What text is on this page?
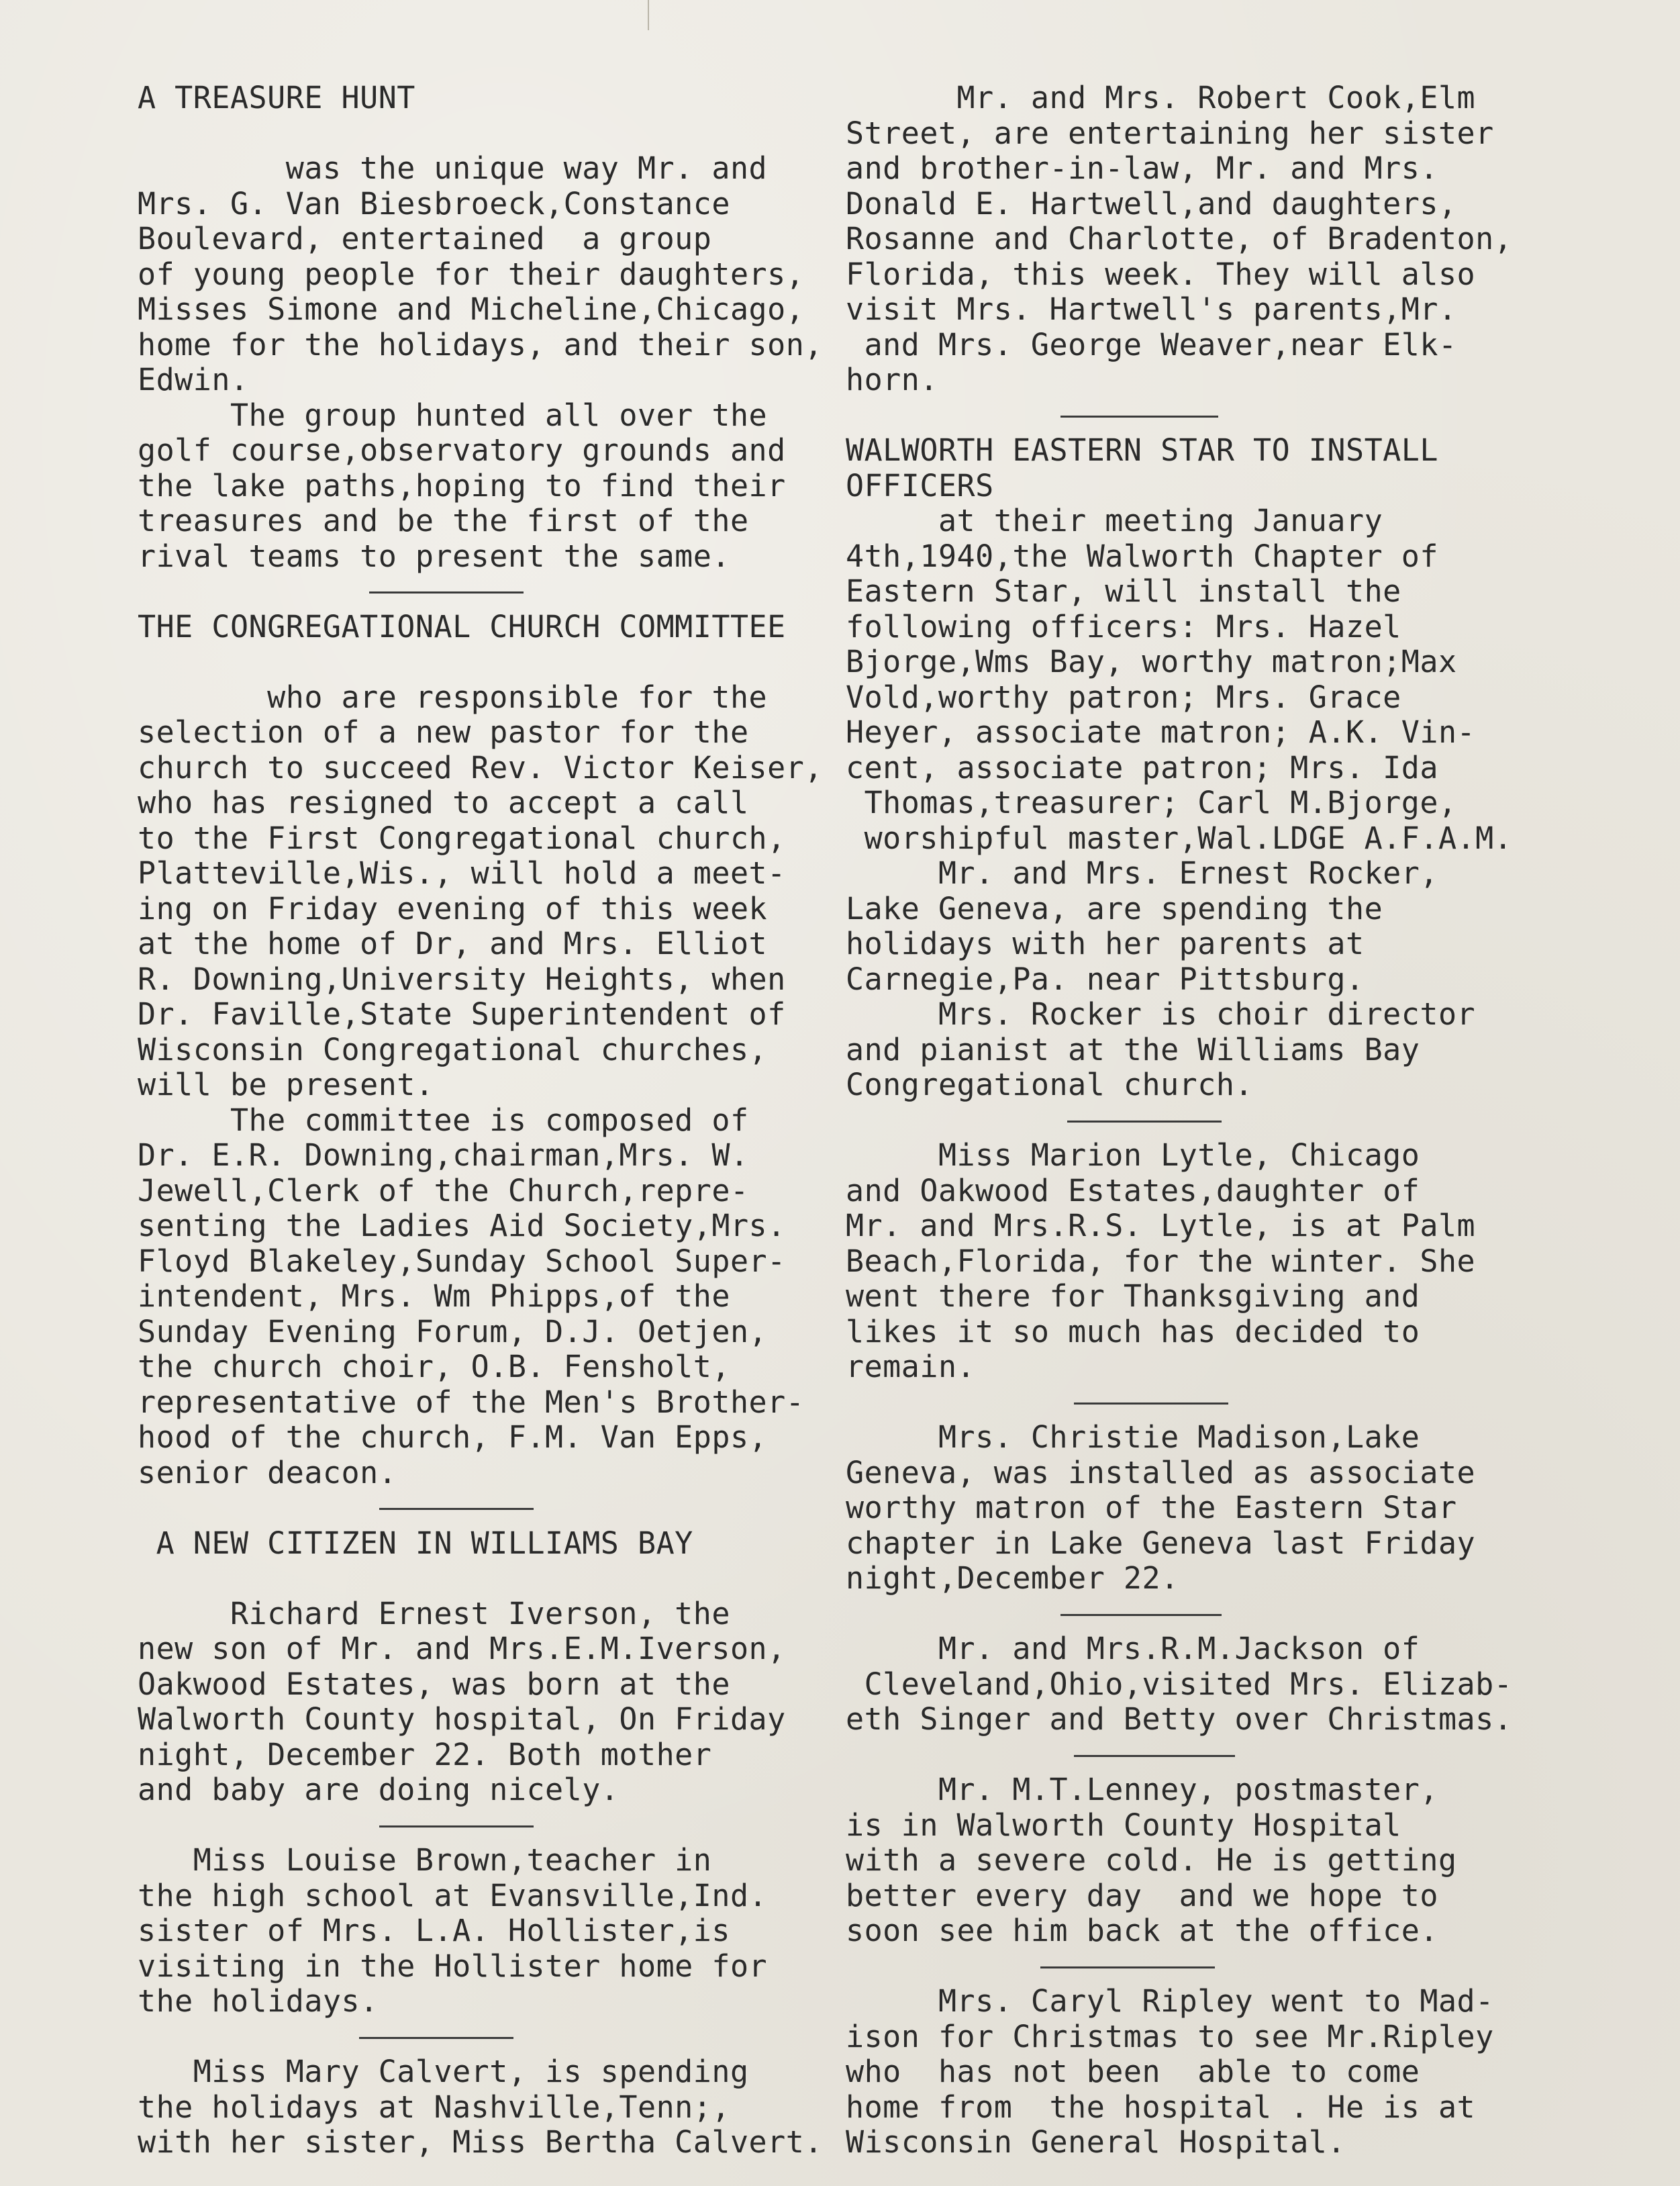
A TREASURE HUNT
was the unique way Mr. and
Mrs. G. Van Biesbroeck,Constance
Boulevard, entertained  a group
of young people for their daughters,
Misses Simone and Micheline,Chicago,
home for the holidays, and their son,
Edwin.
The group hunted all over the
golf course,observatory grounds and
the lake paths,hoping to find their
treasures and be the first of the
rival teams to present the same.
THE CONGREGATIONAL CHURCH COMMITTEE
who are responsible for the
selection of a new pastor for the
church to succeed Rev. Victor Keiser,
who has resigned to accept a call
to the First Congregational church,
Platteville,Wis., will hold a meet-
ing on Friday evening of this week
at the home of Dr, and Mrs. Elliot
R. Downing,University Heights, when
Dr. Faville,State Superintendent of
Wisconsin Congregational churches,
will be present.
The committee is composed of
Dr. E.R. Downing,chairman,Mrs. W.
Jewell,Clerk of the Church,repre-
senting the Ladies Aid Society,Mrs.
Floyd Blakeley,Sunday School Super-
intendent, Mrs. Wm Phipps,of the
Sunday Evening Forum, D.J. Oetjen,
the church choir, O.B. Fensholt,
representative of the Men's Brother-
hood of the church, F.M. Van Epps,
senior deacon.
A NEW CITIZEN IN WILLIAMS BAY
Richard Ernest Iverson, the
new son of Mr. and Mrs.E.M.Iverson,
Oakwood Estates, was born at the
Walworth County hospital, On Friday
night, December 22. Both mother
and baby are doing nicely.
Miss Louise Brown,teacher in
the high school at Evansville,Ind.
sister of Mrs. L.A. Hollister,is
visiting in the Hollister home for
the holidays.
Miss Mary Calvert, is spending
the holidays at Nashville,Tenn;,
with her sister, Miss Bertha Calvert.
Mr. and Mrs. Robert Cook,Elm
Street, are entertaining her sister
and brother-in-law, Mr. and Mrs.
Donald E. Hartwell,and daughters,
Rosanne and Charlotte, of Bradenton,
Florida, this week. They will also
visit Mrs. Hartwell's parents,Mr.
and Mrs. George Weaver,near Elk-
horn.
WALWORTH EASTERN STAR TO INSTALL
OFFICERS
at their meeting January
4th,1940,the Walworth Chapter of
Eastern Star, will install the
following officers: Mrs. Hazel
Bjorge,Wms Bay, worthy matron;Max
Vold,worthy patron; Mrs. Grace
Heyer, associate matron; A.K. Vin-
cent, associate patron; Mrs. Ida
Thomas,treasurer; Carl M.Bjorge,
worshipful master,Wal.LDGE A.F.A.M.
Mr. and Mrs. Ernest Rocker,
Lake Geneva, are spending the
holidays with her parents at
Carnegie,Pa. near Pittsburg.
Mrs. Rocker is choir director
and pianist at the Williams Bay
Congregational church.
Miss Marion Lytle, Chicago
and Oakwood Estates,daughter of
Mr. and Mrs.R.S. Lytle, is at Palm
Beach,Florida, for the winter. She
went there for Thanksgiving and
likes it so much has decided to
remain.
Mrs. Christie Madison,Lake
Geneva, was installed as associate
worthy matron of the Eastern Star
chapter in Lake Geneva last Friday
night,December 22.
Mr. and Mrs.R.M.Jackson of
Cleveland,Ohio,visited Mrs. Elizab-
eth Singer and Betty over Christmas.
Mr. M.T.Lenney, postmaster,
is in Walworth County Hospital
with a severe cold. He is getting
better every day  and we hope to
soon see him back at the office.
Mrs. Caryl Ripley went to Mad-
ison for Christmas to see Mr.Ripley
who  has not been  able to come
home from  the hospital . He is at
Wisconsin General Hospital.
